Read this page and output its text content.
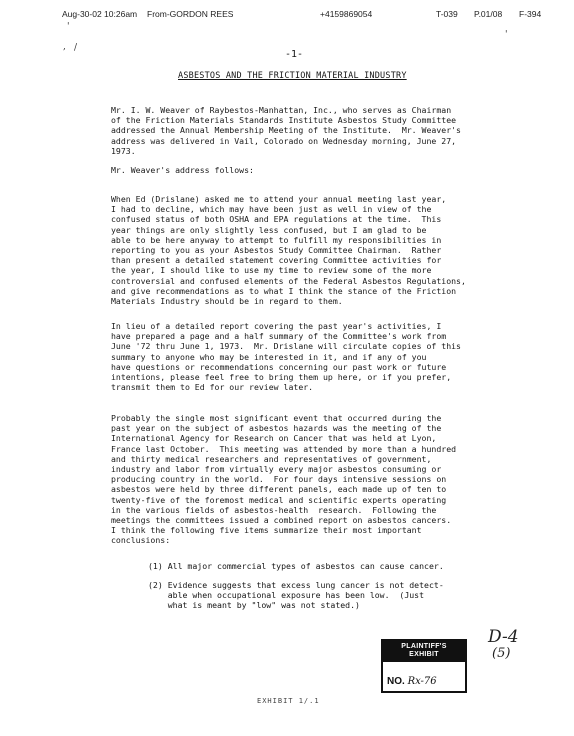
Aug-30-02 10:26am From-GORDON REES	+4159869054	T-039 P.01/08 F-394
'
, /
'
-1-
ASBESTOS AND THE FRICTION MATERIAL INDUSTRY
Mr. I. W. Weaver of Raybestos-Manhattan, Inc., who serves as Chairman
of the Friction Materials Standards Institute Asbestos Study Committee
addressed the Annual Membership Meeting of the Institute.  Mr. Weaver's
address was delivered in Vail, Colorado on Wednesday morning, June 27,
1973.
Mr. Weaver's address follows:
When Ed (Drislane) asked me to attend your annual meeting last year,
I had to decline, which may have been just as well in view of the
confused status of both OSHA and EPA regulations at the time.  This
year things are only slightly less confused, but I am glad to be
able to be here anyway to attempt to fulfill my responsibilities in
reporting to you as your Asbestos Study Committee Chairman.  Rather
than present a detailed statement covering Committee activities for
the year, I should like to use my time to review some of the more
controversial and confused elements of the Federal Asbestos Regulations,
and give recommendations as to what I think the stance of the Friction
Materials Industry should be in regard to them.
In lieu of a detailed report covering the past year's activities, I
have prepared a page and a half summary of the Committee's work from
June '72 thru June 1, 1973.  Mr. Drislane will circulate copies of this
summary to anyone who may be interested in it, and if any of you
have questions or recommendations concerning our past work or future
intentions, please feel free to bring them up here, or if you prefer,
transmit them to Ed for our review later.
Probably the single most significant event that occurred during the
past year on the subject of asbestos hazards was the meeting of the
International Agency for Research on Cancer that was held at Lyon,
France last October.  This meeting was attended by more than a hundred
and thirty medical researchers and representatives of government,
industry and labor from virtually every major asbestos consuming or
producing country in the world.  For four days intensive sessions on
asbestos were held by three different panels, each made up of ten to
twenty-five of the foremost medical and scientific experts operating
in the various fields of asbestos-health  research.  Following the
meetings the committees issued a combined report on asbestos cancers.
I think the following five items summarize their most important
conclusions:
(1) All major commercial types of asbestos can cause cancer.
(2) Evidence suggests that excess lung cancer is not detect-
able when occupational exposure has been low.  (Just
what is meant by "low" was not stated.)
PLAINTIFF'S
EXHIBIT
NO. Rx-76
D-4
(5)
EXHIBIT 1/.1
